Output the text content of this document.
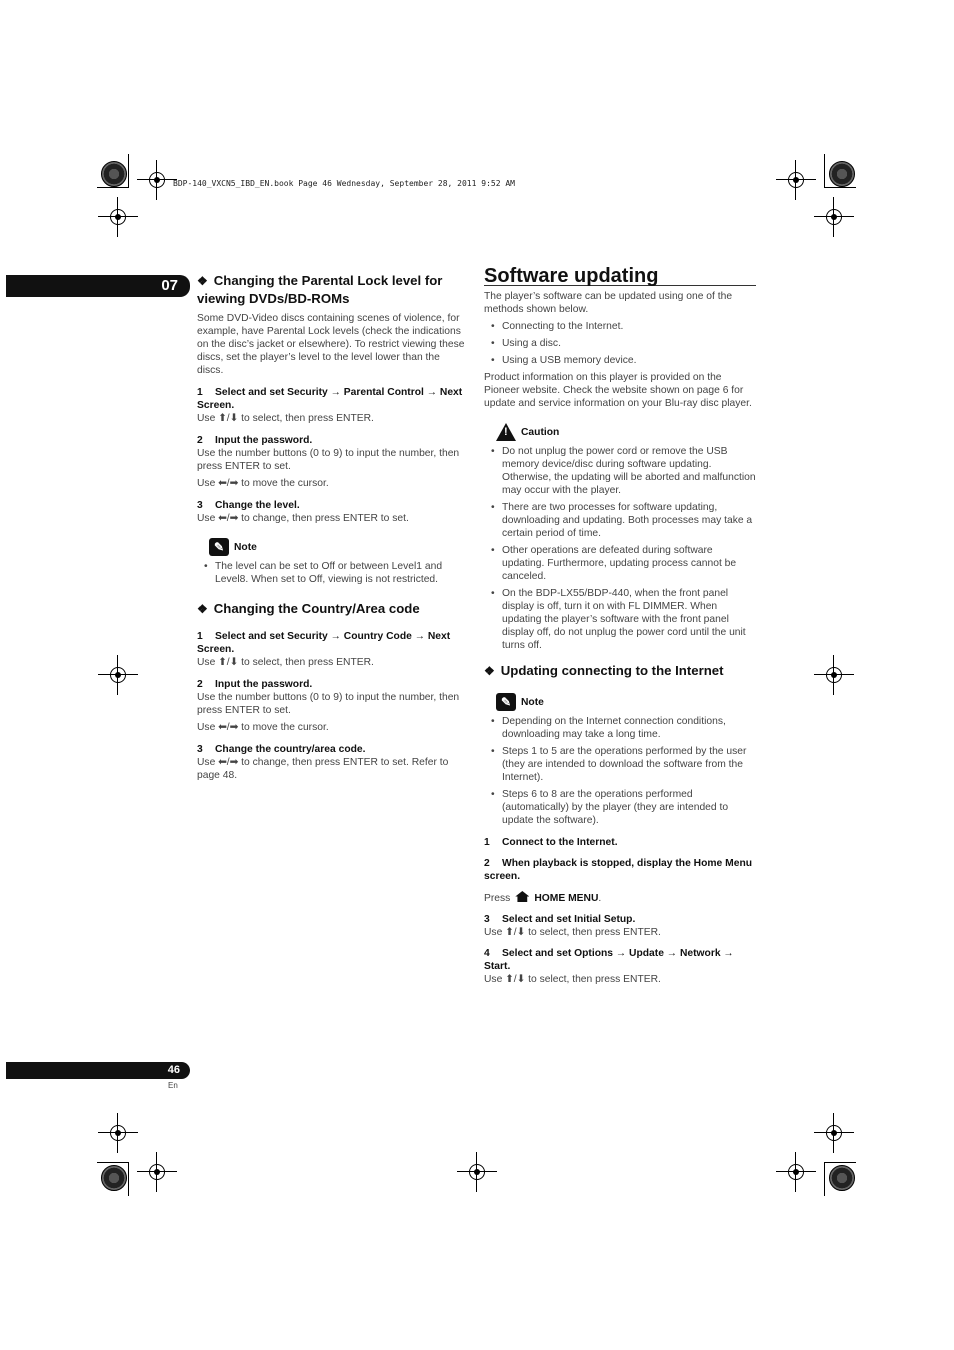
BDP-140_VXCN5_IBD_EN.book Page 46 Wednesday, September 28, 2011 9:52 AM
07
46
En
❖ Changing the Parental Lock level for viewing DVDs/BD-ROMs

Some DVD-Video discs containing scenes of violence, for example, have Parental Lock levels (check the indications on the disc’s jacket or elsewhere). To restrict viewing these discs, set the player’s level to the level lower than the discs.

1 Select and set Security → Parental Control → Next Screen.

Use ⬆/⬇ to select, then press ENTER.

2 Input the password.

Use the number buttons (0 to 9) to input the number, then press ENTER to set.

Use ⬅/➡ to move the cursor.

3 Change the level.

Use ⬅/➡ to change, then press ENTER to set.

✎ Note
• The level can be set to Off or between Level1 and Level8. When set to Off, viewing is not restricted.
❖ Changing the Country/Area code
1 Select and set Security → Country Code → Next Screen.

Use ⬆/⬇ to select, then press ENTER.

2 Input the password.

Use the number buttons (0 to 9) to input the number, then press ENTER to set.

Use ⬅/➡ to move the cursor.

3 Change the country/area code.

Use ⬅/➡ to change, then press ENTER to set. Refer to page 48.

Software updating

The player’s software can be updated using one of the methods shown below.

• Connecting to the Internet.
• Using a disc.
• Using a USB memory device.

Product information on this player is provided on the Pioneer website. Check the website shown on page 6 for update and service information on your Blu-ray disc player.

!
Caution
• Do not unplug the power cord or remove the USB memory device/disc during software updating. Otherwise, the updating will be aborted and malfunction may occur with the player.
• There are two processes for software updating, downloading and updating. Both processes may take a certain period of time.
• Other operations are defeated during software updating. Furthermore, updating process cannot be canceled.
• On the BDP-LX55/BDP-440, when the front panel display is off, turn it on with FL DIMMER. When updating the player’s software with the front panel display off, do not unplug the power cord until the unit turns off.
❖ Updating connecting to the Internet
✎ Note
• Depending on the Internet connection conditions, downloading may take a long time.
• Steps 1 to 5 are the operations performed by the user (they are intended to download the software from the Internet).
• Steps 6 to 8 are the operations performed (automatically) by the player (they are intended to update the software).
1 Connect to the Internet.
2 When playback is stopped, display the Home Menu screen.

Press HOME MENU.

3 Select and set Initial Setup.

Use ⬆/⬇ to select, then press ENTER.

4 Select and set Options → Update → Network → Start.

Use ⬆/⬇ to select, then press ENTER.
